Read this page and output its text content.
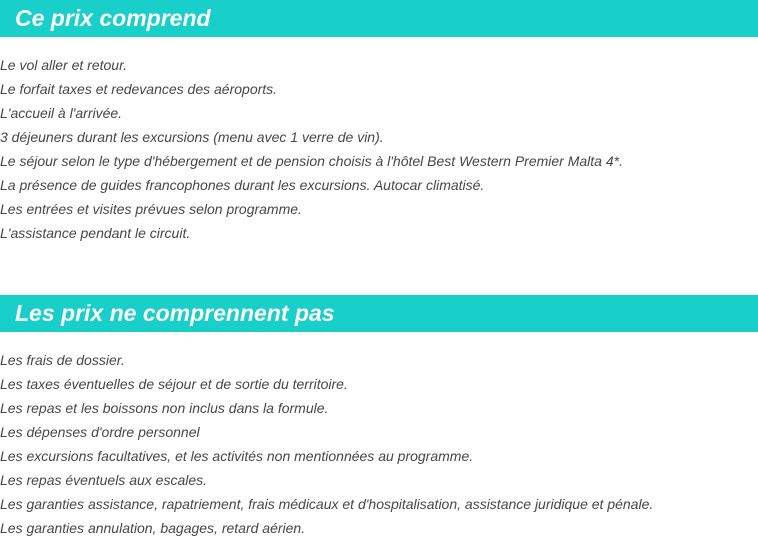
Ce prix comprend
Le vol aller et retour.
Le forfait taxes et redevances des aéroports.
L'accueil à l'arrivée.
3 déjeuners durant les excursions (menu avec 1 verre de vin).
Le séjour selon le type d'hébergement et de pension choisis à l'hôtel Best Western Premier Malta 4*.
La présence de guides francophones durant les excursions. Autocar climatisé.
Les entrées et visites prévues selon programme.
L'assistance pendant le circuit.
Les prix ne comprennent pas
Les frais de dossier.
Les taxes éventuelles de séjour et de sortie du territoire.
Les repas et les boissons non inclus dans la formule.
Les dépenses d'ordre personnel
Les excursions facultatives, et les activités non mentionnées au programme.
Les repas éventuels aux escales.
Les garanties assistance, rapatriement, frais médicaux et d'hospitalisation, assistance juridique et pénale.
Les garanties annulation, bagages, retard aérien.
